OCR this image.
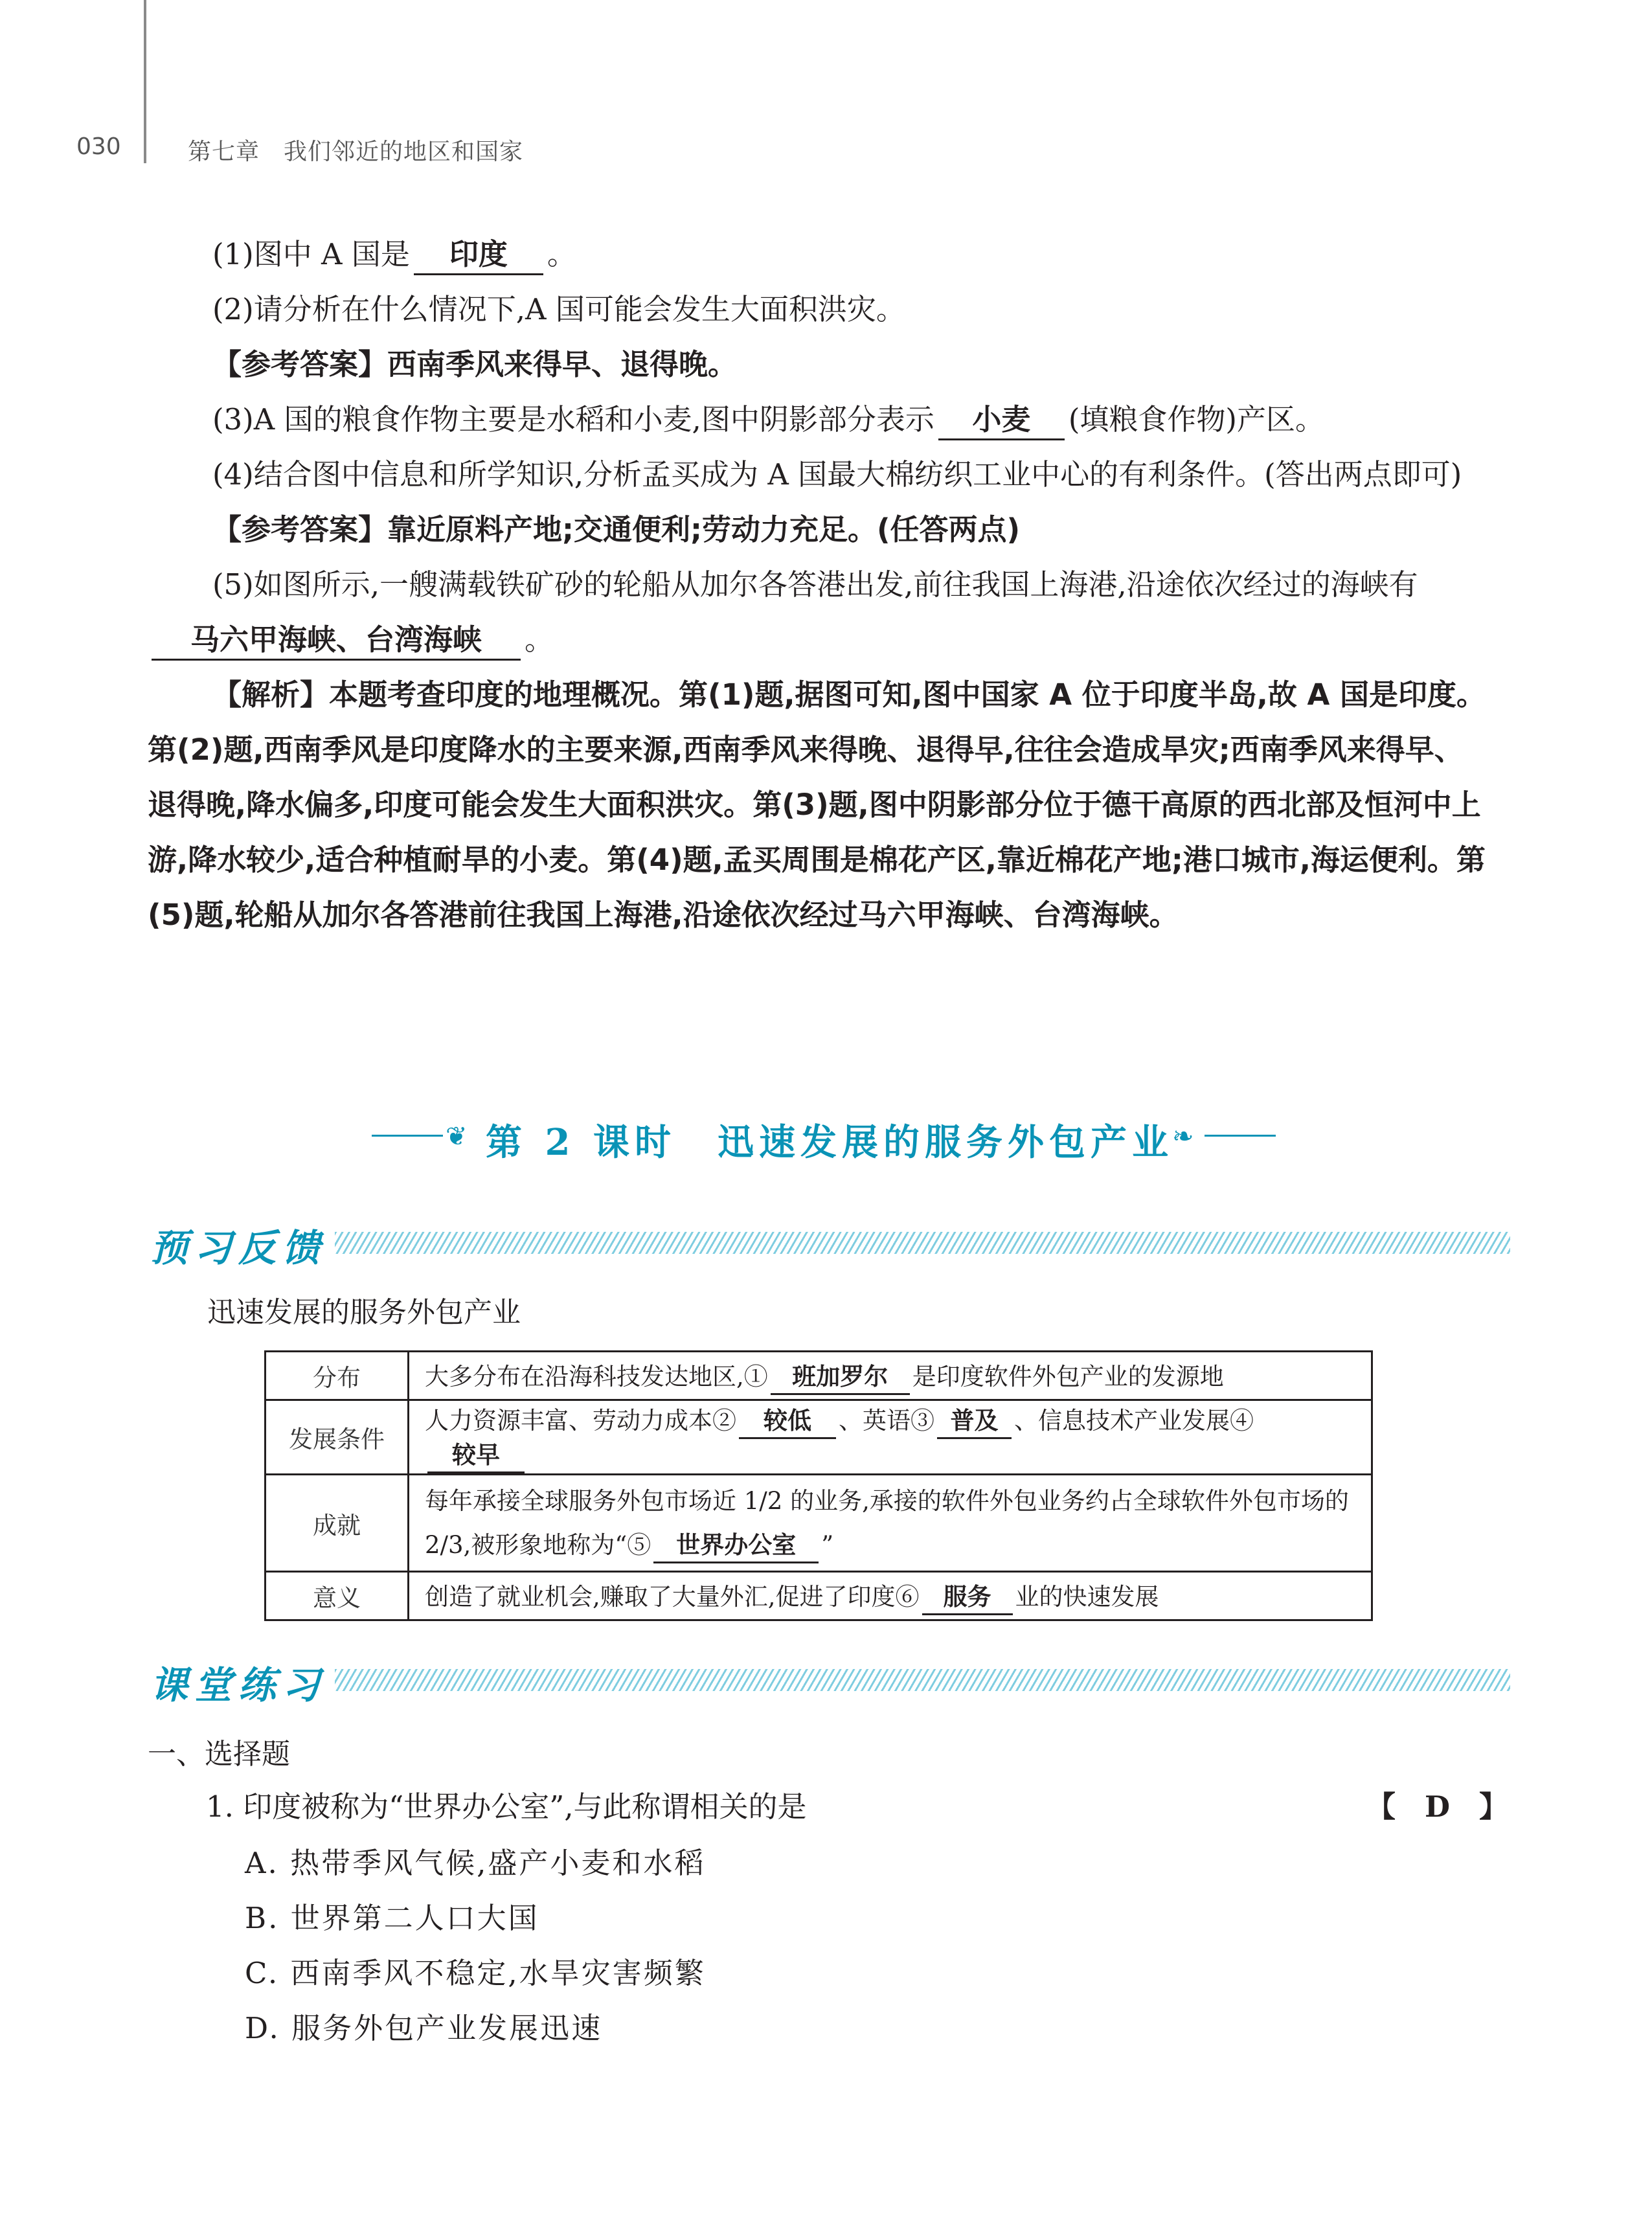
030	第七章　我们邻近的地区和国家

(1)图中 A 国是 印度 。

(2)请分析在什么情况下,A 国可能会发生大面积洪灾。

【参考答案】西南季风来得早、退得晚。

(3)A 国的粮食作物主要是水稻和小麦,图中阴影部分表示 小麦 (填粮食作物)产区。

(4)结合图中信息和所学知识,分析孟买成为 A 国最大棉纺织工业中心的有利条件。(答出两点即可)

【参考答案】靠近原料产地;交通便利;劳动力充足。(任答两点)

(5)如图所示,一艘满载铁矿砂的轮船从加尔各答港出发,前往我国上海港,沿途依次经过的海峡有马六甲海峡、台湾海峡 。

【解析】本题考查印度的地理概况。第(1)题,据图可知,图中国家 A 位于印度半岛,故 A 国是印度。第(2)题,西南季风是印度降水的主要来源,西南季风来得晚、退得早,往往会造成旱灾;西南季风来得早、退得晚,降水偏多,印度可能会发生大面积洪灾。第(3)题,图中阴影部分位于德干高原的西北部及恒河中上游,降水较少,适合种植耐旱的小麦。第(4)题,孟买周围是棉花产区,靠近棉花产地;港口城市,海运便利。第(5)题,轮船从加尔各答港前往我国上海港,沿途依次经过马六甲海峡、台湾海峡。

❦ 第 2 课时　迅速发展的服务外包产业
❧
预习反馈
迅速发展的服务外包产业
分布	大多分布在沿海科技发达地区,① 班加罗尔 是印度软件外包产业的发源地
发展条件	人力资源丰富、劳动力成本② 较低 、英语③ 普及 、信息技术产业发展④较早
成就	每年承接全球服务外包市场近 1/2 的业务,承接的软件外包业务约占全球软件外包市场的 2/3,被形象地称为“⑤ 世界办公室 ”
意义	创造了就业机会,赚取了大量外汇,促进了印度⑥ 服务 业的快速发展
课堂练习
一、选择题
1. 印度被称为“世界办公室”,与此称谓相关的是	【　D　】
A. 热带季风气候,盛产小麦和水稻
B. 世界第二人口大国
C. 西南季风不稳定,水旱灾害频繁
D. 服务外包产业发展迅速
